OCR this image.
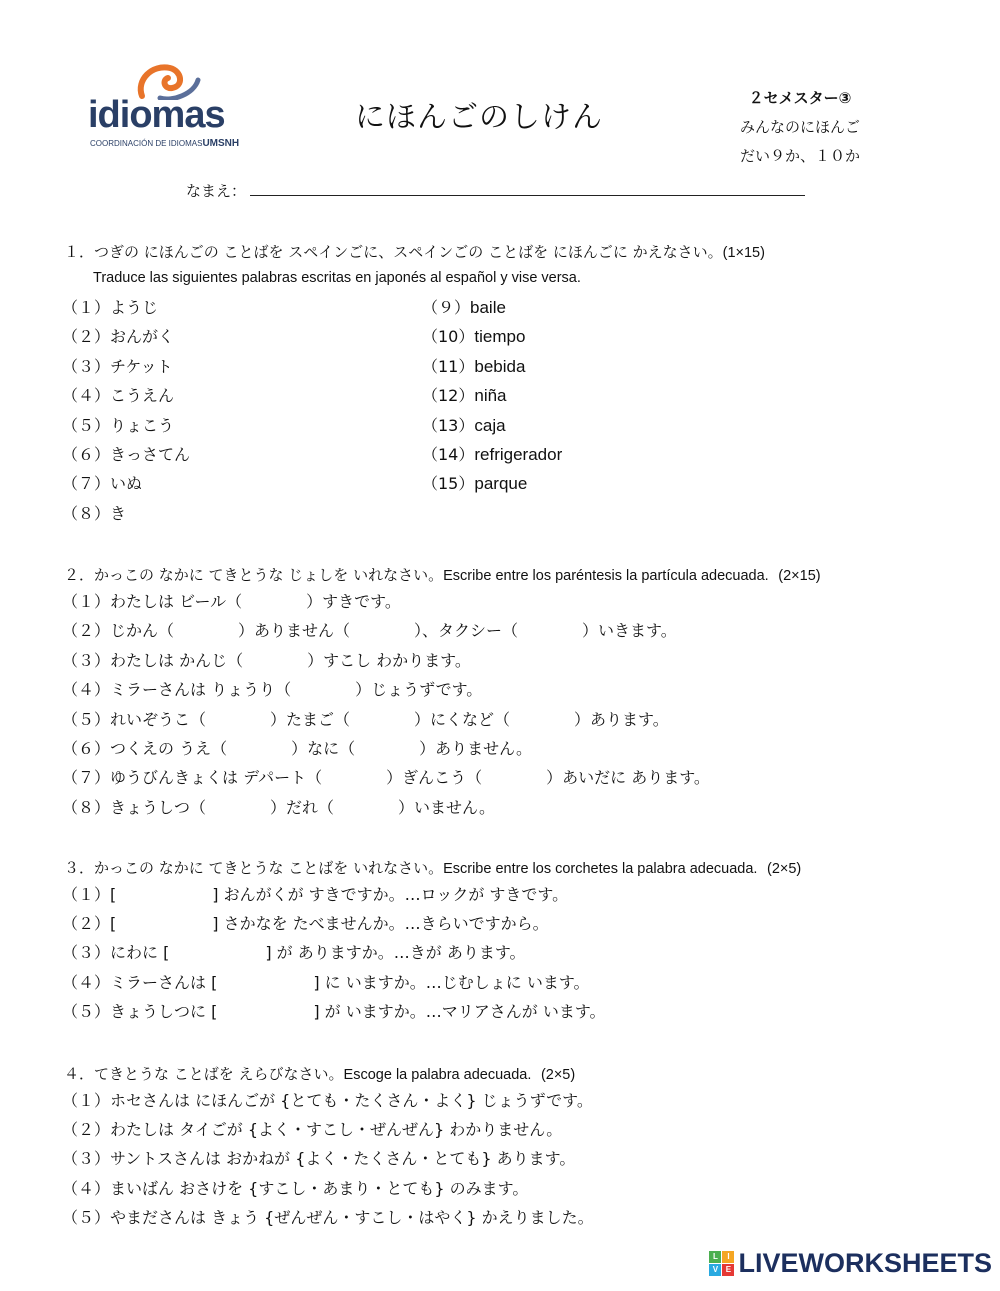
idiomas
COORDINACIÓN DE IDIOMASUMSNH
にほんごのしけん
２セメスター③
みんなのにほんご
だい９か、１０か
なまえ：
１．つぎの にほんごの ことばを スペインごに、スペインごの ことばを にほんごに かえなさい。(1×15)
Traduce las siguientes palabras escritas en japonés al español y vise versa.
（１）ようじ
（２）おんがく
（３）チケット
（４）こうえん
（５）りょこう
（６）きっさてん
（７）いぬ
（８）き
（９）baile
（10）tiempo
（11）bebida
（12）niña
（13）caja
（14）refrigerador
（15）parque
２．かっこの なかに てきとうな じょしを いれなさい。Escribe entre los paréntesis la partícula adecuada. (2×15)
（１）わたしは ビール（　　　　）すきです。
（２）じかん（　　　　）ありません（　　　　）、タクシー（　　　　）いきます。
（３）わたしは かんじ（　　　　）すこし わかります。
（４）ミラーさんは りょうり（　　　　）じょうずです。
（５）れいぞうこ（　　　　）たまご（　　　　）にくなど（　　　　）あります。
（６）つくえの うえ（　　　　）なに（　　　　）ありません。
（７）ゆうびんきょくは デパート（　　　　）ぎんこう（　　　　）あいだに あります。
（８）きょうしつ（　　　　）だれ（　　　　）いません。
３．かっこの なかに てきとうな ことばを いれなさい。Escribe entre los corchetes la palabra adecuada. (2×5)
（１）[　　　　　　] おんがくが すきですか。…ロックが すきです。
（２）[　　　　　　] さかなを たべませんか。…きらいですから。
（３）にわに [　　　　　　] が ありますか。…きが あります。
（４）ミラーさんは [　　　　　　] に いますか。…じむしょに います。
（５）きょうしつに [　　　　　　] が いますか。…マリアさんが います。
４．てきとうな ことばを えらびなさい。Escoge la palabra adecuada. (2×5)
（１）ホセさんは にほんごが {とても・たくさん・よく} じょうずです。
（２）わたしは タイごが {よく・すこし・ぜんぜん} わかりません。
（３）サントスさんは おかねが {よく・たくさん・とても} あります。
（４）まいばん おさけを {すこし・あまり・とても} のみます。
（５）やまださんは きょう {ぜんぜん・すこし・はやく} かえりました。
L	I
V E LIVEWORKSHEETS
